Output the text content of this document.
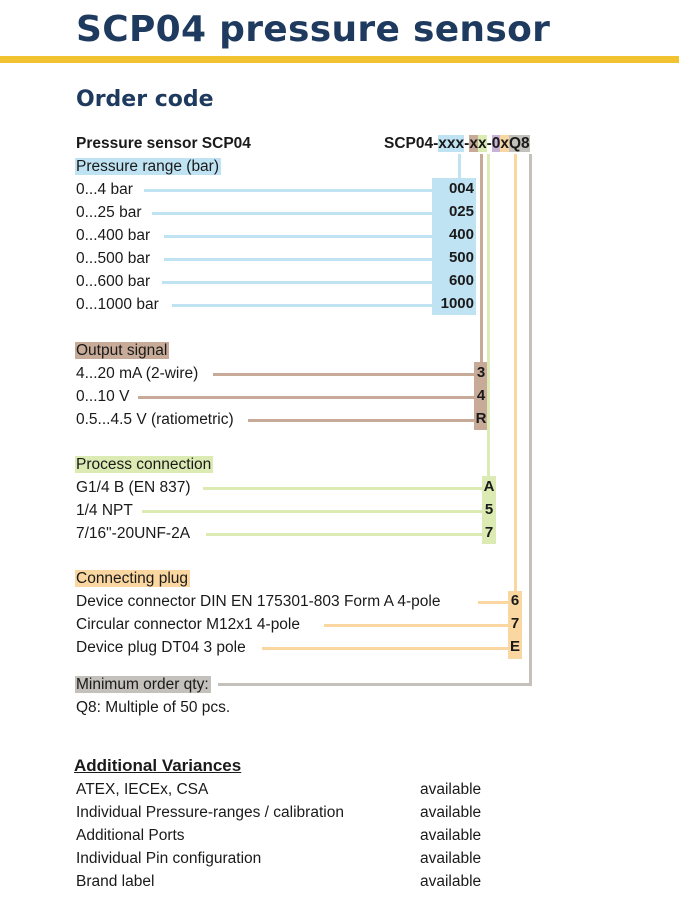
SCP04 pressure sensor
Order code
Pressure sensor SCP04	SCP04-xxx-xx-0xQ8
Pressure range (bar)
0...4 bar	004
0...25 bar	025
0...400 bar	400
0...500 bar	500
0...600 bar	600
0...1000 bar	1000
Output signal
4...20 mA (2-wire)	3
0...10 V	4
0.5...4.5 V (ratiometric)	R
Process connection
G1/4 B (EN 837)	A
1/4 NPT	5
7/16"-20UNF-2A	7
Connecting plug
Device connector DIN EN 175301-803 Form A 4-pole	6
Circular connector M12x1 4-pole	7
Device plug DT04 3 pole	E
Minimum order qty:
Q8: Multiple of 50 pcs.
Additional Variances
ATEX, IECEx, CSA	available
Individual Pressure-ranges / calibration	available
Additional Ports	available
Individual Pin configuration	available
Brand label	available
